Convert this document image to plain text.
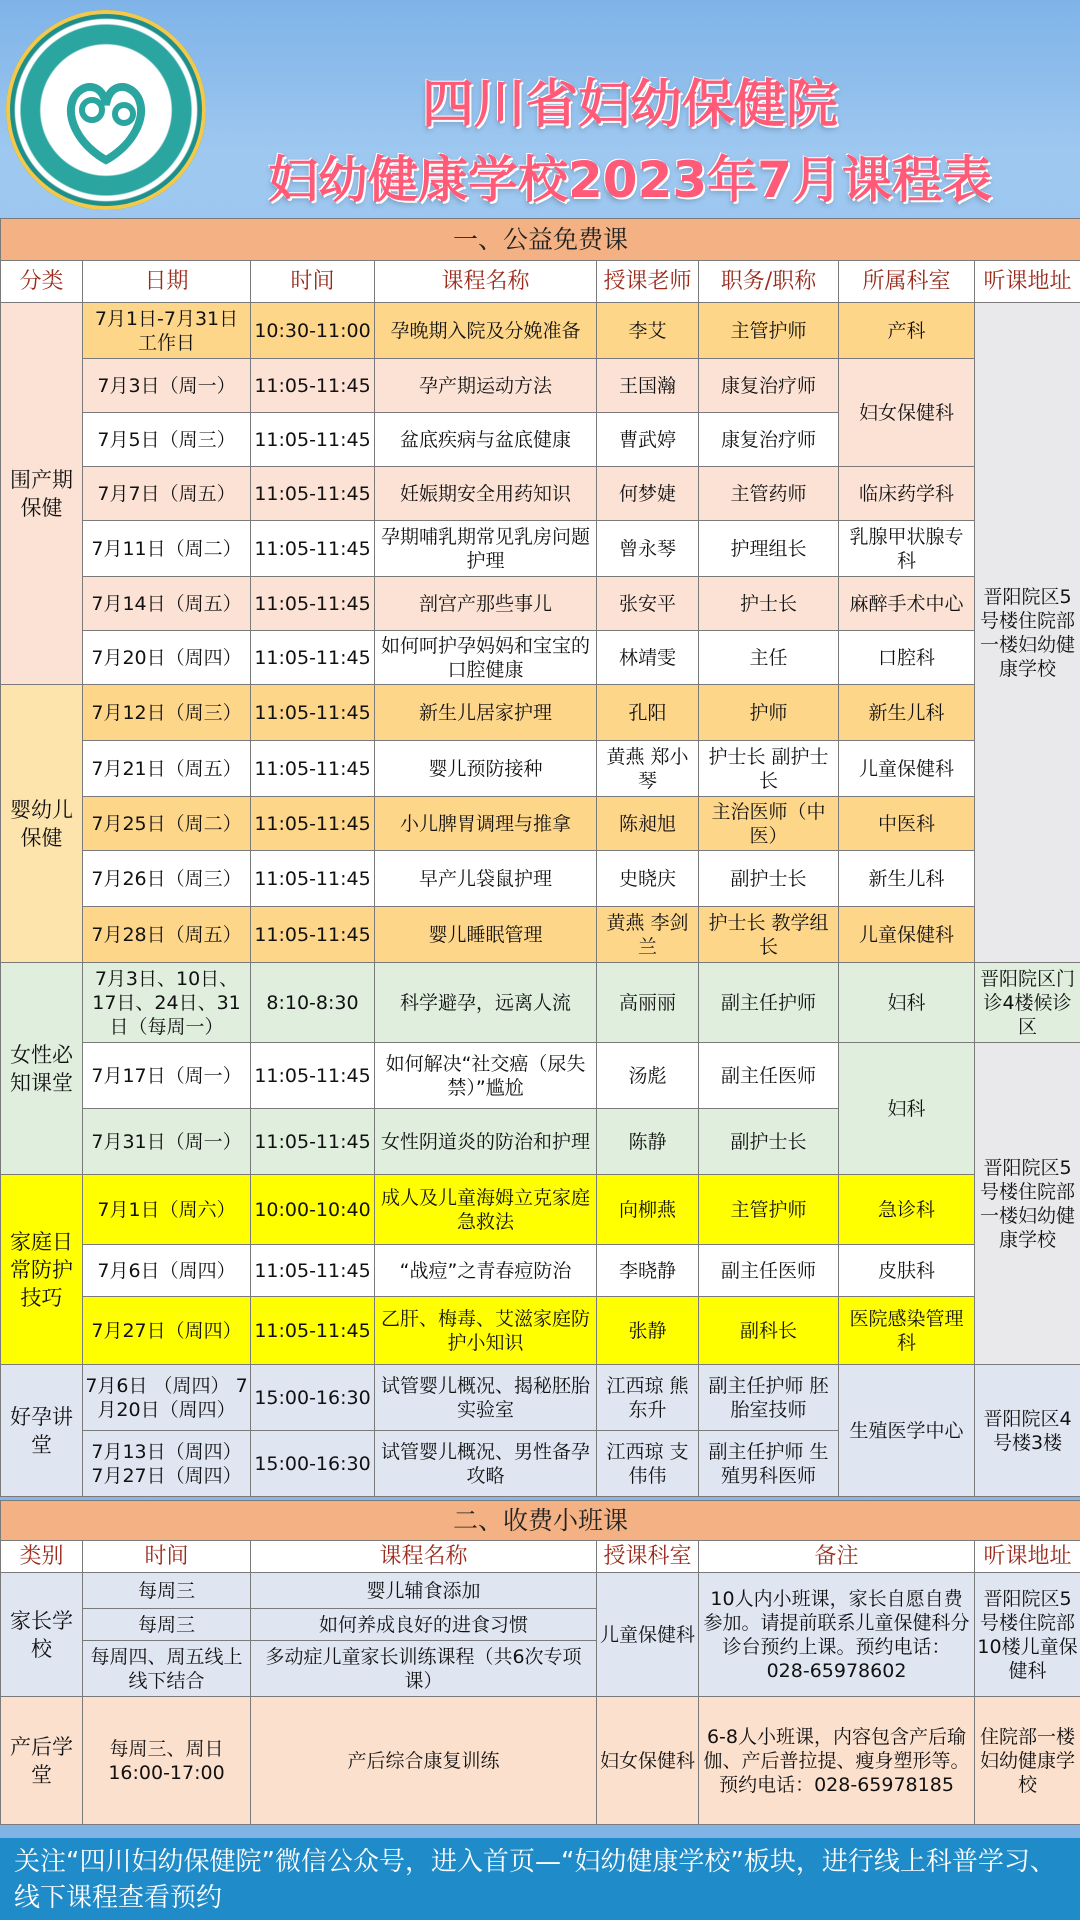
四川省妇幼保健院
妇幼健康学校2023年7月课程表
一、公益免费课							
分类	日期	时间	课程名称	授课老师	职务/职称	所属科室	听课地址
围产期保健	7月1日-7月31日 工作日	10:30-11:00	孕晚期入院及分娩准备	李艾	主管护师	产科	晋阳院区5号楼住院部一楼妇幼健康学校
	7月3日（周一）	11:05-11:45	孕产期运动方法	王国瀚	康复治疗师	妇女保健科	
	7月5日（周三）	11:05-11:45	盆底疾病与盆底健康	曹武婷	康复治疗师		
	7月7日（周五）	11:05-11:45	妊娠期安全用药知识	何梦婕	主管药师	临床药学科	
	7月11日（周二）	11:05-11:45	孕期哺乳期常见乳房问题护理	曾永琴	护理组长	乳腺甲状腺专科	
	7月14日（周五）	11:05-11:45	剖宫产那些事儿	张安平	护士长	麻醉手术中心	
	7月20日（周四）	11:05-11:45	如何呵护孕妈妈和宝宝的口腔健康	林靖雯	主任	口腔科	
婴幼儿保健	7月12日（周三）	11:05-11:45	新生儿居家护理	孔阳	护师	新生儿科	
	7月21日（周五）	11:05-11:45	婴儿预防接种	黄燕 郑小琴	护士长 副护士长	儿童保健科	
	7月25日（周二）	11:05-11:45	小儿脾胃调理与推拿	陈昶旭	主治医师（中医）	中医科	
	7月26日（周三）	11:05-11:45	早产儿袋鼠护理	史晓庆	副护士长	新生儿科	
	7月28日（周五）	11:05-11:45	婴儿睡眠管理	黄燕 李剑兰	护士长 教学组长	儿童保健科	
女性必知课堂	7月3日、10日、17日、24日、31日（每周一）	8:10-8:30	科学避孕，远离人流	高丽丽	副主任护师	妇科	晋阳院区门诊4楼候诊区
	7月17日（周一）	11:05-11:45	如何解决“社交癌（尿失禁）”尴尬	汤彪	副主任医师	妇科	晋阳院区5号楼住院部一楼妇幼健康学校
	7月31日（周一）	11:05-11:45	女性阴道炎的防治和护理	陈静	副护士长		
家庭日常防护技巧	7月1日（周六）	10:00-10:40	成人及儿童海姆立克家庭急救法	向柳燕	主管护师	急诊科	
	7月6日（周四）	11:05-11:45	“战痘”之青春痘防治	李晓静	副主任医师	皮肤科	
	7月27日（周四）	11:05-11:45	乙肝、梅毒、艾滋家庭防护小知识	张静	副科长	医院感染管理科	
好孕讲堂	7月6日 （周四） 7月20日（周四）	15:00-16:30	试管婴儿概况、揭秘胚胎实验室	江西琼 熊东升	副主任护师 胚胎室技师	生殖医学中心	晋阳院区4号楼3楼
	7月13日（周四） 7月27日（周四）	15:00-16:30	试管婴儿概况、男性备孕攻略	江西琼 支伟伟	副主任护师 生殖男科医师		
二、收费小班课					
类别	时间	课程名称	授课科室	备注	听课地址
家长学校	每周三	婴儿辅食添加	儿童保健科	10人内小班课，家长自愿自费参加。请提前联系儿童保健科分诊台预约上课。预约电话：028-65978602	晋阳院区5号楼住院部10楼儿童保健科
	每周三	如何养成良好的进食习惯			
	每周四、周五线上线下结合	多动症儿童家长训练课程（共6次专项课）			
产后学堂	每周三、周日 16:00-17:00	产后综合康复训练	妇女保健科	6-8人小班课，内容包含产后瑜伽、产后普拉提、瘦身塑形等。预约电话：028-65978185	住院部一楼妇幼健康学校
关注“四川妇幼保健院”微信公众号，进入首页—“妇幼健康学校”板块，进行线上科普学习、线下课程查看预约
